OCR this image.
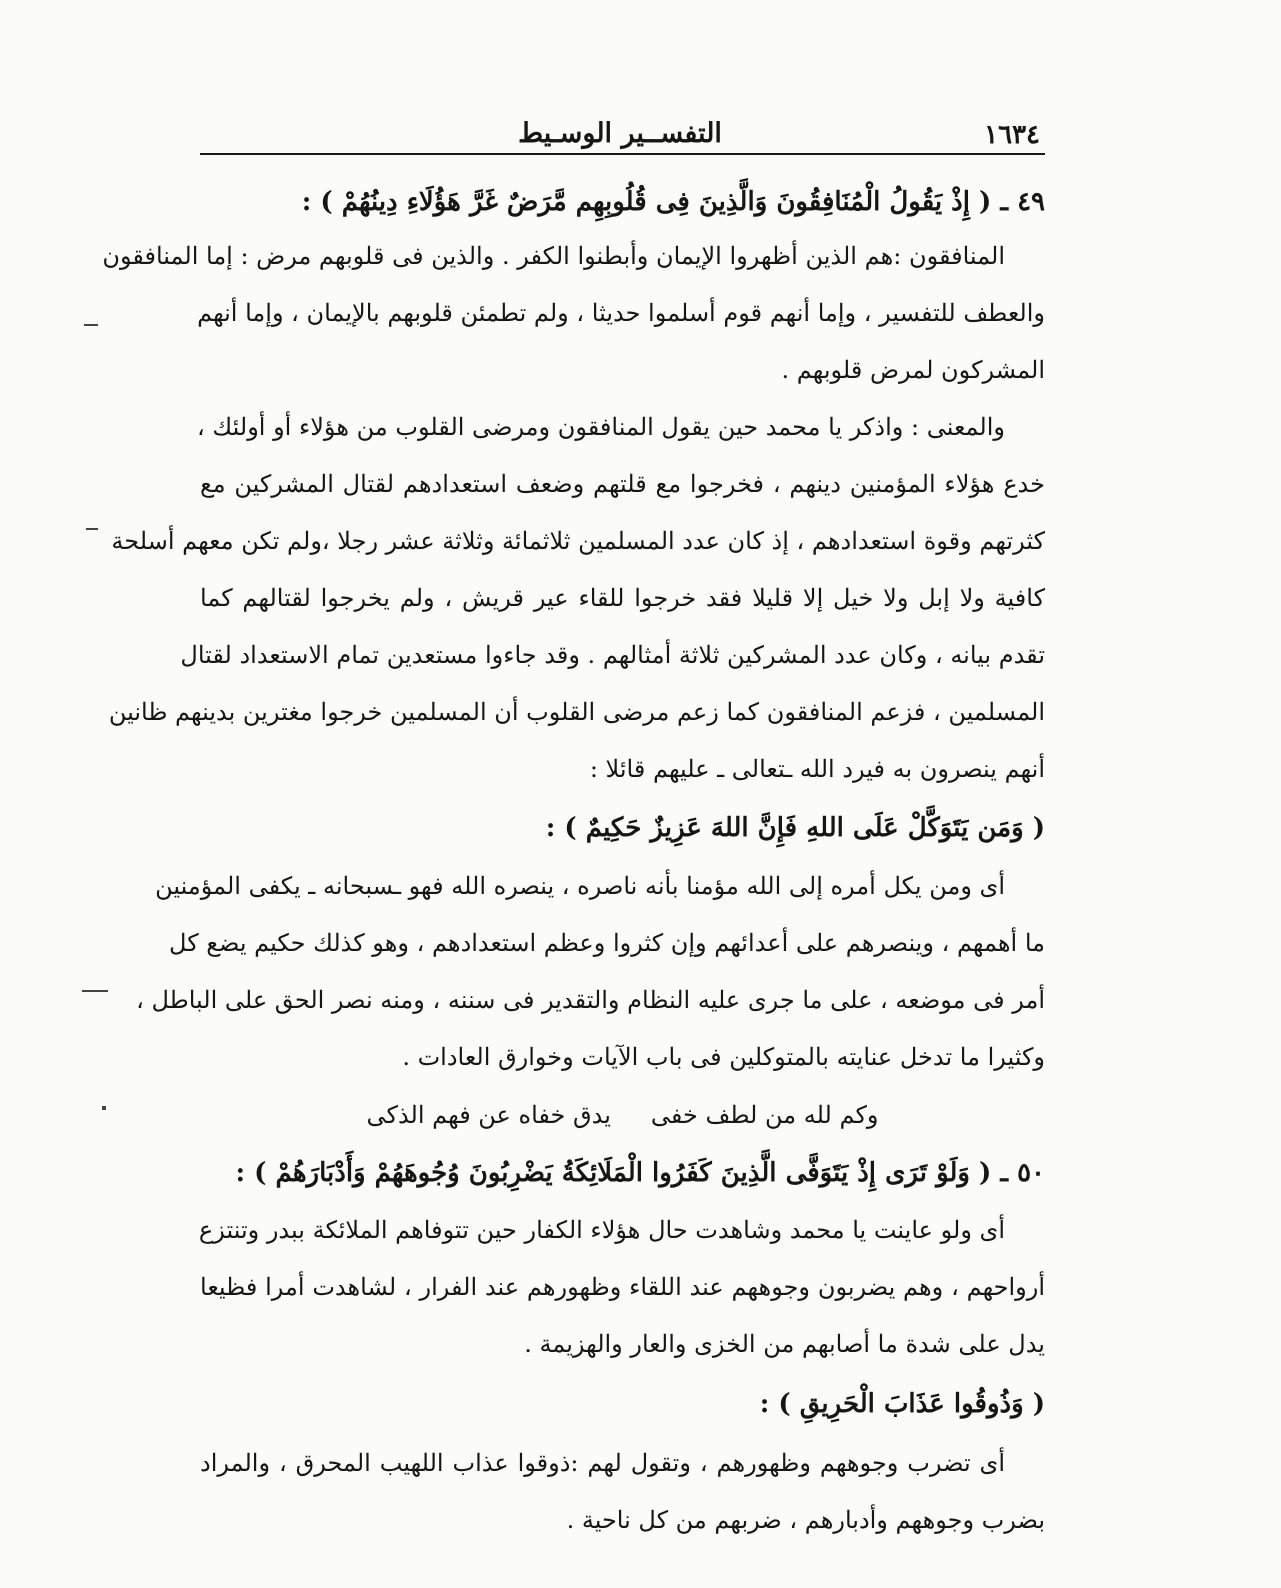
١٦٣٤
التفســير الوسـيط
٤٩ ـ ( إِذْ يَقُولُ الْمُنَافِقُونَ وَالَّذِينَ فِى قُلُوبِهِم مَّرَضٌ غَرَّ هَؤُلَاءِ دِينُهُمْ ) :
المنافقون :هم الذين أظهروا الإيمان وأبطنوا الكفر . والذين فى قلوبهم مرض : إما المنافقون
والعطف للتفسير ، وإما أنهم قوم أسلموا حديثا ، ولم تطمئن قلوبهم بالإيمان ، وإما أنهم
المشركون لمرض قلوبهم .
والمعنى : واذكر يا محمد حين يقول المنافقون ومرضى القلوب من هؤلاء أو أولئك ،
خدع هؤلاء المؤمنين دينهم ، فخرجوا مع قلتهم وضعف استعدادهم لقتال المشركين مع
كثرتهم وقوة استعدادهم ، إذ كان عدد المسلمين ثلاثمائة وثلاثة عشر رجلا ،ولم تكن معهم أسلحة
كافية ولا إبل ولا خيل إلا قليلا فقد خرجوا للقاء عير قريش ، ولم يخرجوا لقتالهم كما
تقدم بيانه ، وكان عدد المشركين ثلاثة أمثالهم . وقد جاءوا مستعدين تمام الاستعداد لقتال
المسلمين ، فزعم المنافقون كما زعم مرضى القلوب أن المسلمين خرجوا مغترين بدينهم ظانين
أنهم ينصرون به فيرد الله ـتعالى ـ عليهم قائلا :
( وَمَن يَتَوَكَّلْ عَلَى اللهِ فَإِنَّ اللهَ عَزِيزٌ حَكِيمٌ ) :
أى ومن يكل أمره إلى الله مؤمنا بأنه ناصره ، ينصره الله فهو ـسبحانه ـ يكفى المؤمنين
ما أهمهم ، وينصرهم على أعدائهم وإن كثروا وعظم استعدادهم ، وهو كذلك حكيم يضع كل
أمر فى موضعه ، على ما جرى عليه النظام والتقدير فى سننه ، ومنه نصر الحق على الباطل ،
وكثيرا ما تدخل عنايته بالمتوكلين فى باب الآيات وخوارق العادات .
وكم لله من لطف خفى
يدق خفاه عن فهم الذكى
٥٠ ـ ( وَلَوْ تَرَى إِذْ يَتَوَفَّى الَّذِينَ كَفَرُوا الْمَلَائِكَةُ يَضْرِبُونَ وُجُوهَهُمْ وَأَدْبَارَهُمْ ) :
أى ولو عاينت يا محمد وشاهدت حال هؤلاء الكفار حين تتوفاهم الملائكة ببدر وتنتزع
أرواحهم ، وهم يضربون وجوههم عند اللقاء وظهورهم عند الفرار ، لشاهدت أمرا فظيعا
يدل على شدة ما أصابهم من الخزى والعار والهزيمة .
( وَذُوقُوا عَذَابَ الْحَرِيقِ ) :
أى تضرب وجوههم وظهورهم ، وتقول لهم :ذوقوا عذاب اللهيب المحرق ، والمراد
بضرب وجوههم وأدبارهم ، ضربهم من كل ناحية .
